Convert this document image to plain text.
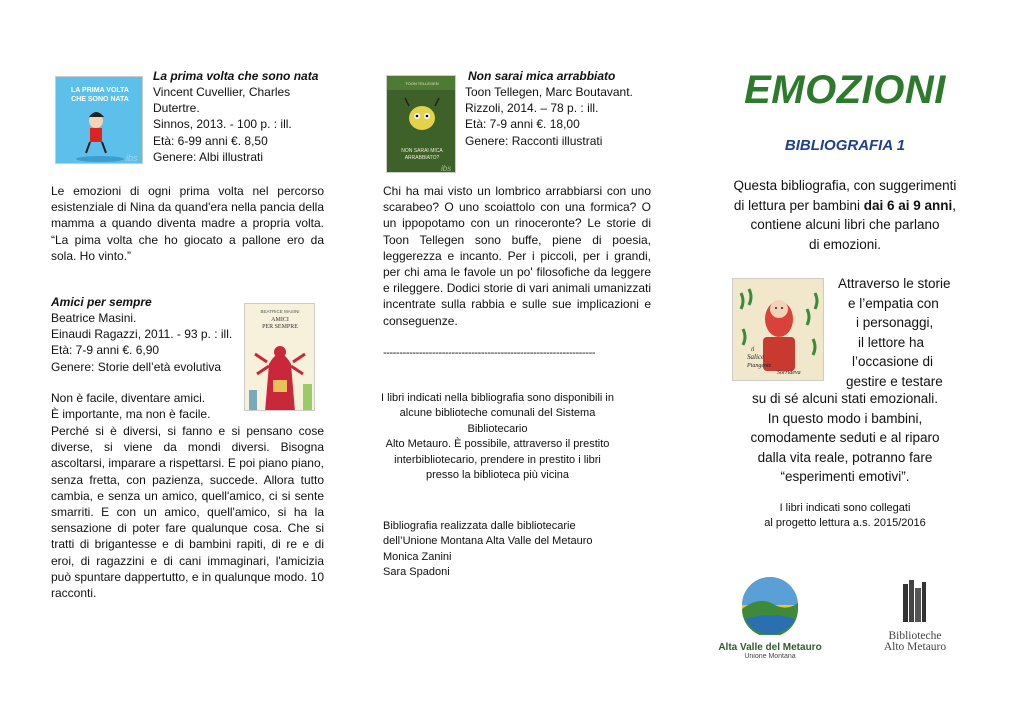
LA PRIMA VOLTA
CHE SONO NATA
ibs
La prima volta che sono nata
Vincent Cuvellier, Charles
Dutertre.
Sinnos, 2013. - 100 p. : ill.
Età: 6-99 anni €. 8,50
Genere: Albi illustrati
Le emozioni di ogni prima volta nel percorso esistenziale di Nina da quand'era nella pancia della mamma a quando diventa madre a propria volta. “La pima volta che ho giocato a pallone ero da sola. Ho vinto.”
Amici per sempre
Beatrice Masini.
Einaudi Ragazzi, 2011. - 93 p. : ill.
Età: 7-9 anni €. 6,90
Genere: Storie dell’età evolutiva
BEATRICE MASINI
AMICI
PER SEMPRE
Non è facile, diventare amici.
È importante, ma non è facile.
Perché si è diversi, si fanno e si pensano cose diverse, si viene da mondi diversi. Bisogna ascoltarsi, imparare a rispettarsi. E poi piano piano, senza fretta, con pazienza, succede. Allora tutto cambia, e senza un amico, quell'amico, ci si sente smarriti. E con un amico, quell'amico, si ha la sensazione di poter fare qualunque cosa. Che si tratti di brigantesse e di bambini rapiti, di re e di eroi, di ragazzini e di cani immaginari, l'amicizia può spuntare dappertutto, e in qualunque modo. 10 racconti.
TOON TELLEGEN
NON SARAI MICA
ARRABBIATO?
ibs
Non sarai mica arrabbiato
Toon Tellegen, Marc Boutavant.
Rizzoli, 2014. – 78 p. : ill.
Età: 7-9 anni €. 18,00
Genere: Racconti illustrati
Chi ha mai visto un lombrico arrabbiarsi con uno scarabeo? O uno scoiattolo con una formica? O un ippopotamo con un rinoceronte? Le storie di Toon Tellegen sono buffe, piene di poesia, leggerezza e incanto. Per i piccoli, per i grandi, per chi ama le favole un po' filosofiche da leggere e rileggere. Dodici storie di vari animali umanizzati incentrate sulla rabbia e sulle sue implicazioni e conseguenze.
-----------------------------------------------------------------
I libri indicati nella bibliografia sono disponibili in
alcune biblioteche comunali del Sistema Bibliotecario
Alto Metauro. È possibile, attraverso il prestito
interbibliotecario, prendere in prestito i libri
presso la biblioteca più vicina
Bibliografia realizzata dalle bibliotecarie
dell’Unione Montana Alta Valle del Metauro
Monica Zanini
Sara Spadoni
EMOZIONI
BIBLIOGRAFIA 1
Questa bibliografia, con suggerimenti
di lettura per bambini dai 6 ai 9 anni,
contiene alcuni libri che parlano
di emozioni.
il
Salice
Piangente
Sorrideva
Attraverso le storie
e l’empatia con
i personaggi,
il lettore ha
l’occasione di
gestire e testare
su di sé alcuni stati emozionali.
In questo modo i bambini,
comodamente seduti e al riparo
dalla vita reale, potranno fare
“esperimenti emotivi”.
I libri indicati sono collegati
al progetto lettura a.s. 2015/2016
Alta Valle del Metauro
Unione Montana
Biblioteche
Alto Metauro
